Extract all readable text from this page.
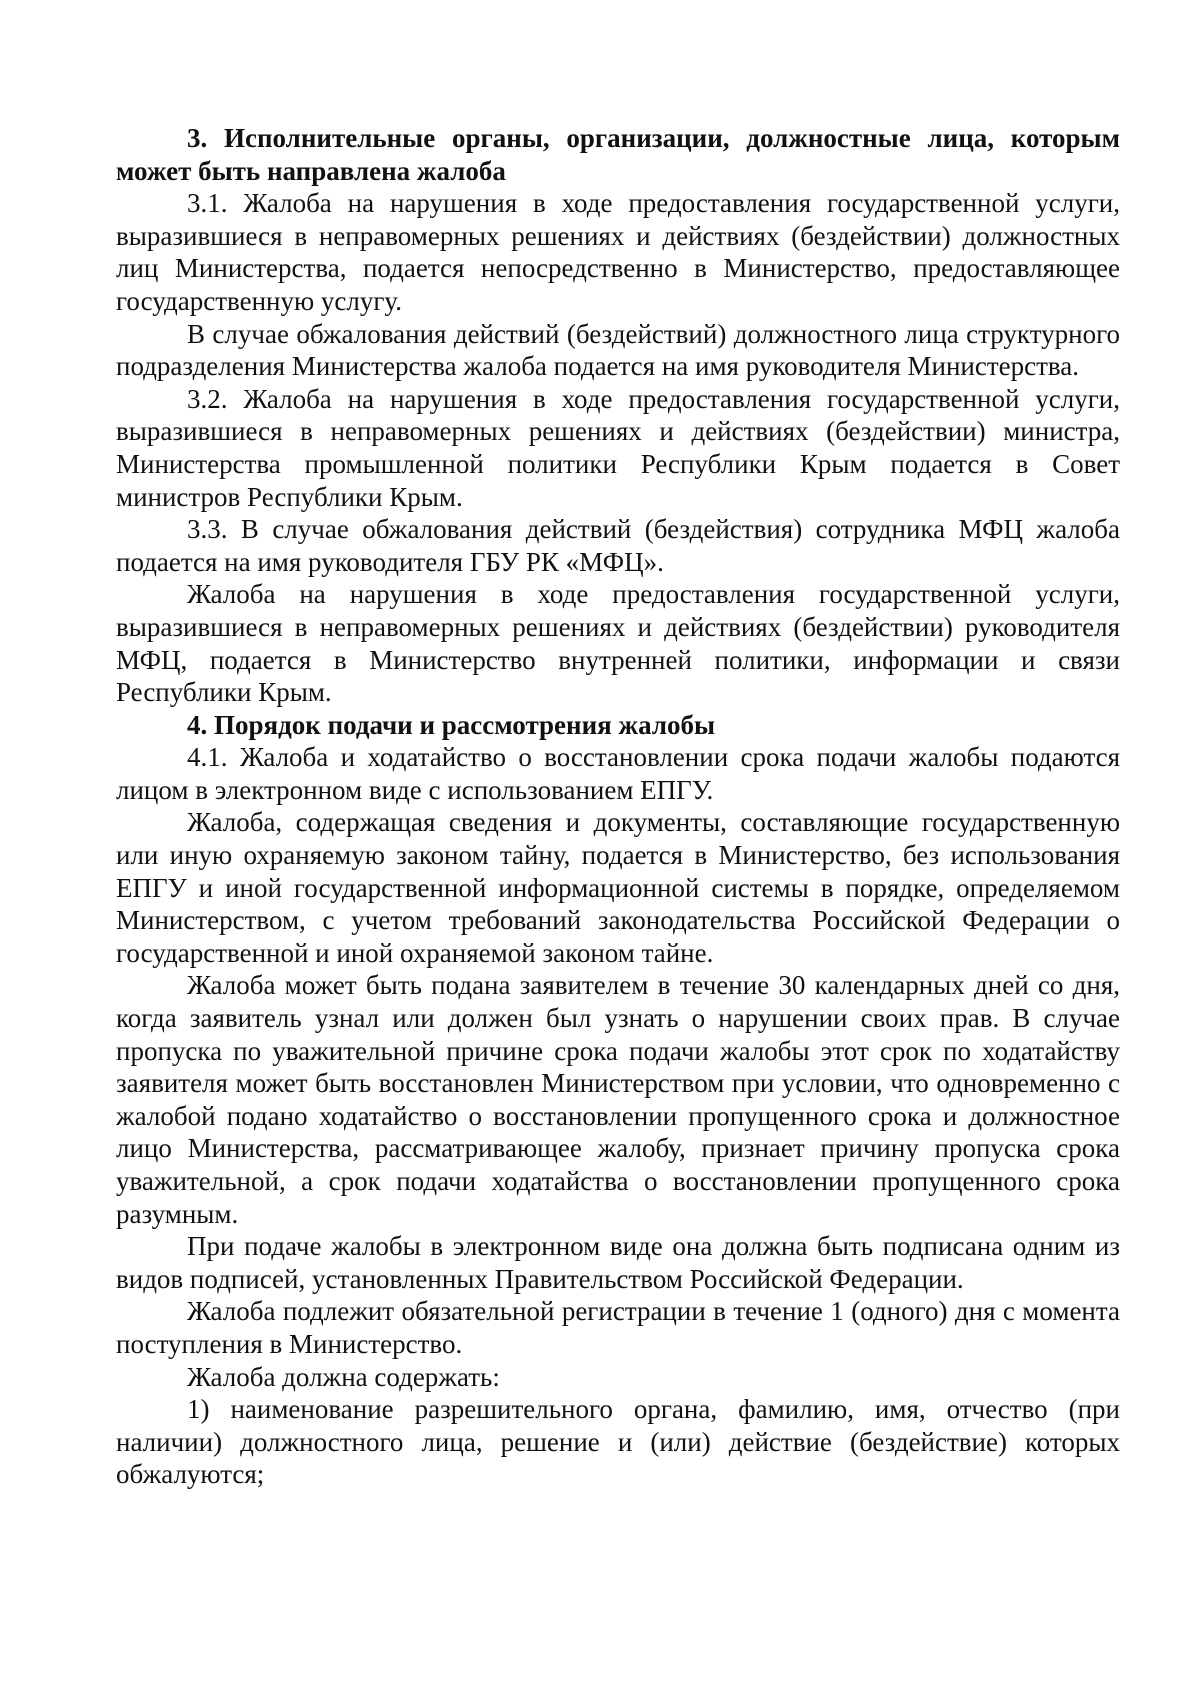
3. Исполнительные органы, организации, должностные лица, которым может быть направлена жалоба

3.1. Жалоба на нарушения в ходе предоставления государственной услуги, выразившиеся в неправомерных решениях и действиях (бездействии) должностных лиц Министерства, подается непосредственно в Министерство, предоставляющее государственную услугу.

В случае обжалования действий (бездействий) должностного лица структурного подразделения Министерства жалоба подается на имя руководителя Министерства.

3.2. Жалоба на нарушения в ходе предоставления государственной услуги, выразившиеся в неправомерных решениях и действиях (бездействии) министра, Министерства промышленной политики Республики Крым подается в Совет министров Республики Крым.

3.3. В случае обжалования действий (бездействия) сотрудника МФЦ жалоба подается на имя руководителя ГБУ РК «МФЦ».

Жалоба на нарушения в ходе предоставления государственной услуги, выразившиеся в неправомерных решениях и действиях (бездействии) руководителя МФЦ, подается в Министерство внутренней политики, информации и связи Республики Крым.

4. Порядок подачи и рассмотрения жалобы

4.1. Жалоба и ходатайство о восстановлении срока подачи жалобы подаются лицом в электронном виде с использованием ЕПГУ.

Жалоба, содержащая сведения и документы, составляющие государственную или иную охраняемую законом тайну, подается в Министерство, без использования ЕПГУ и иной государственной информационной системы в порядке, определяемом Министерством, с учетом требований законодательства Российской Федерации о государственной и иной охраняемой законом тайне.

Жалоба может быть подана заявителем в течение 30 календарных дней со дня, когда заявитель узнал или должен был узнать о нарушении своих прав. В случае пропуска по уважительной причине срока подачи жалобы этот срок по ходатайству заявителя может быть восстановлен Министерством при условии, что одновременно с жалобой подано ходатайство о восстановлении пропущенного срока и должностное лицо Министерства, рассматривающее жалобу, признает причину пропуска срока уважительной, а срок подачи ходатайства о восстановлении пропущенного срока разумным.

При подаче жалобы в электронном виде она должна быть подписана одним из видов подписей, установленных Правительством Российской Федерации.

Жалоба подлежит обязательной регистрации в течение 1 (одного) дня с момента поступления в Министерство.

Жалоба должна содержать:

1) наименование разрешительного органа, фамилию, имя, отчество (при наличии) должностного лица, решение и (или) действие (бездействие) которых обжалуются;
